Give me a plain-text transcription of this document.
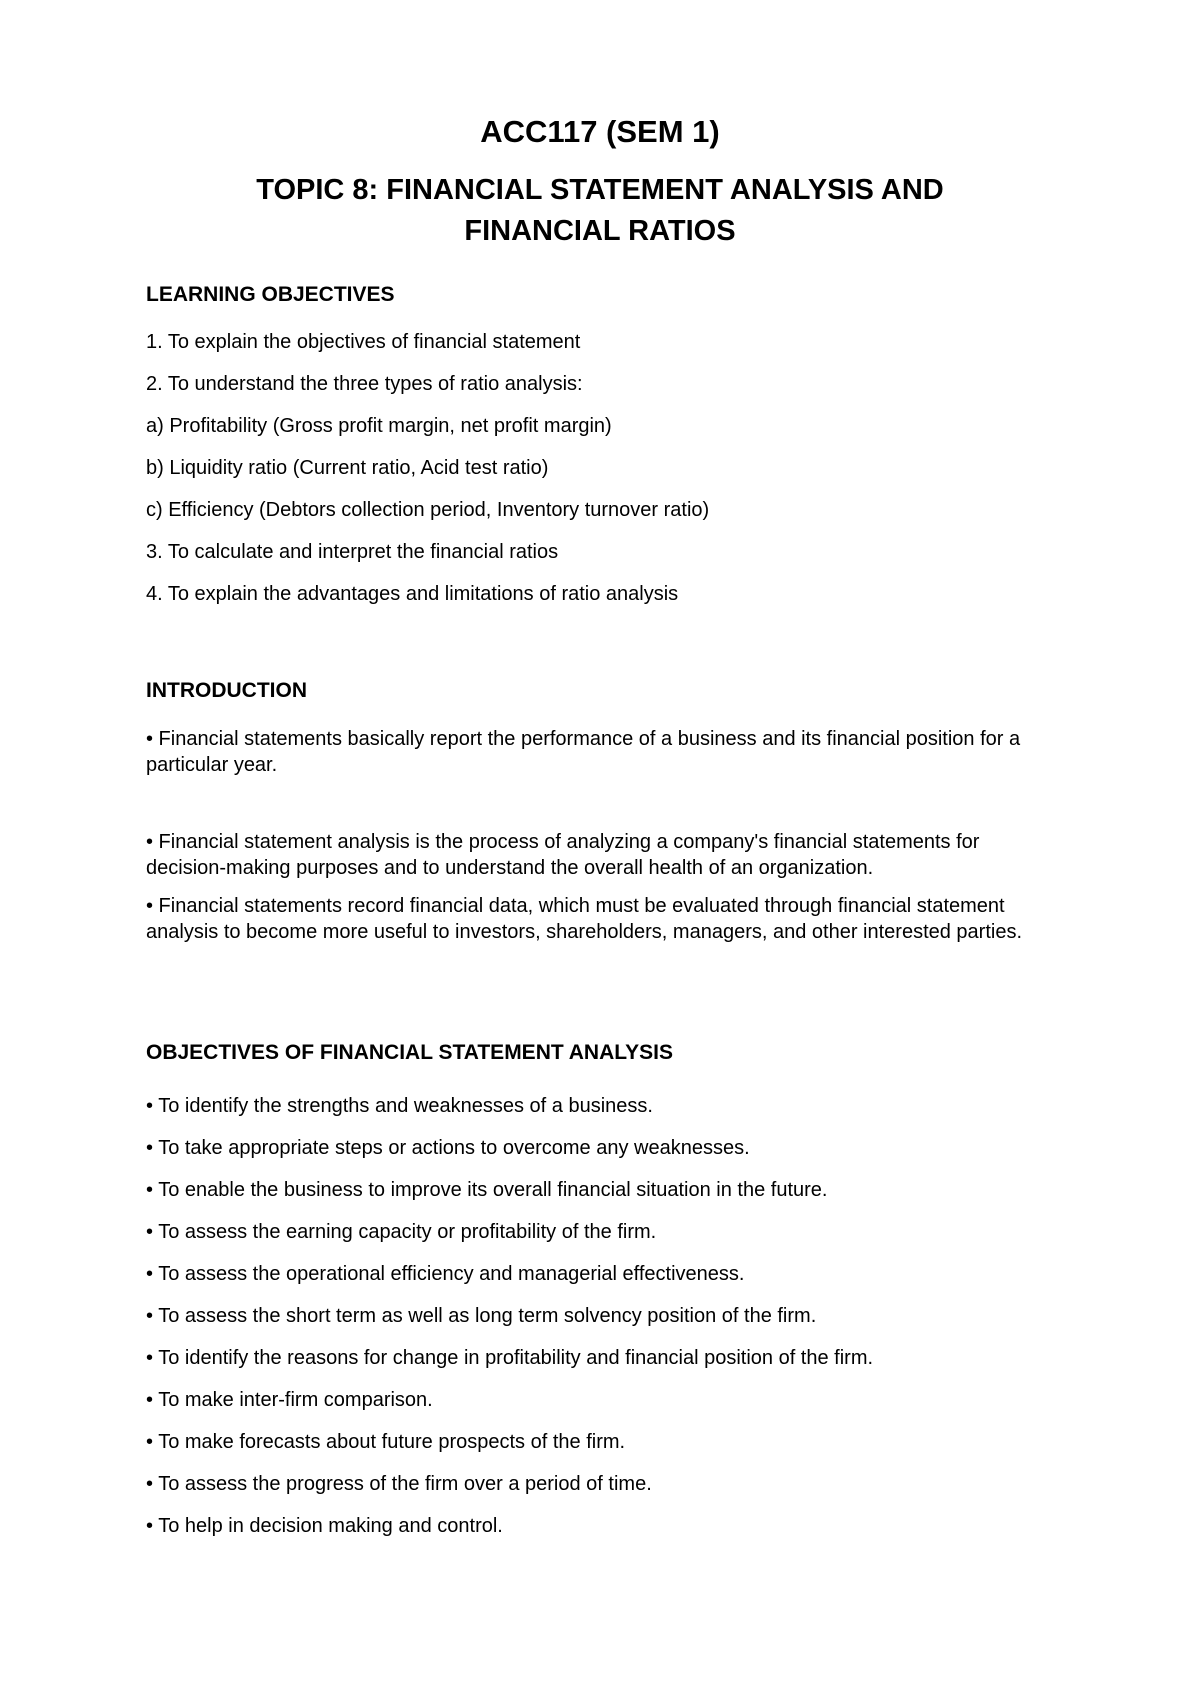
ACC117 (SEM 1)
TOPIC 8: FINANCIAL STATEMENT ANALYSIS AND
FINANCIAL RATIOS
LEARNING OBJECTIVES
1. To explain the objectives of financial statement
2. To understand the three types of ratio analysis:
a) Profitability (Gross profit margin, net profit margin)
b) Liquidity ratio (Current ratio, Acid test ratio)
c) Efficiency (Debtors collection period, Inventory turnover ratio)
3. To calculate and interpret the financial ratios
4. To explain the advantages and limitations of ratio analysis
INTRODUCTION
• Financial statements basically report the performance of a business and its financial position for a particular year.
• Financial statement analysis is the process of analyzing a company's financial statements for decision-making purposes and to understand the overall health of an organization.
• Financial statements record financial data, which must be evaluated through financial statement analysis to become more useful to investors, shareholders, managers, and other interested parties.
OBJECTIVES OF FINANCIAL STATEMENT ANALYSIS
• To identify the strengths and weaknesses of a business.
• To take appropriate steps or actions to overcome any weaknesses.
• To enable the business to improve its overall financial situation in the future.
• To assess the earning capacity or profitability of the firm.
• To assess the operational efficiency and managerial effectiveness.
• To assess the short term as well as long term solvency position of the firm.
• To identify the reasons for change in profitability and financial position of the firm.
• To make inter-firm comparison.
• To make forecasts about future prospects of the firm.
• To assess the progress of the firm over a period of time.
• To help in decision making and control.
